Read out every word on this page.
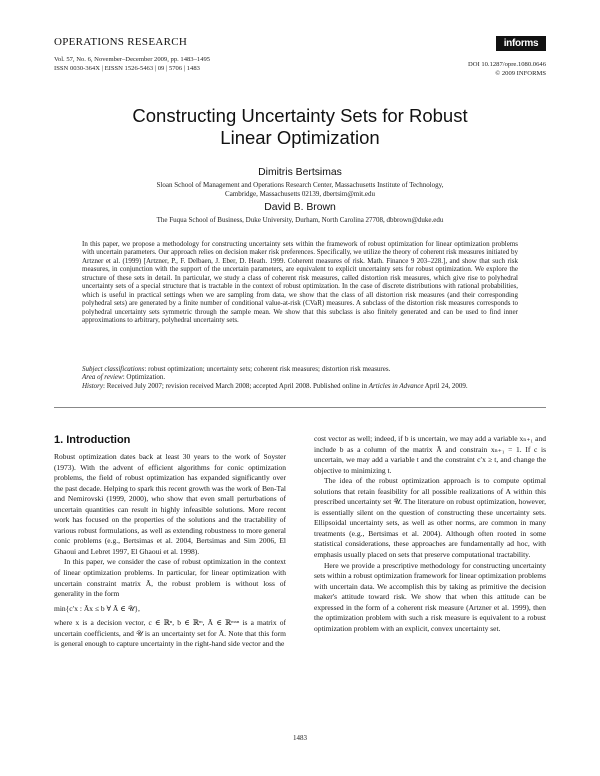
OPERATIONS RESEARCH
Vol. 57, No. 6, November–December 2009, pp. 1483–1495
ISSN 0030-364X | EISSN 1526-5463 | 09 | 5706 | 1483
informs
DOI 10.1287/opre.1080.0646
© 2009 INFORMS
Constructing Uncertainty Sets for Robust
Linear Optimization
Dimitris Bertsimas
Sloan School of Management and Operations Research Center, Massachusetts Institute of Technology,
Cambridge, Massachusetts 02139, dbertsim@mit.edu
David B. Brown
The Fuqua School of Business, Duke University, Durham, North Carolina 27708, dbbrown@duke.edu

In this paper, we propose a methodology for constructing uncertainty sets within the framework of robust optimization for linear optimization problems with uncertain parameters. Our approach relies on decision maker risk preferences. Specifically, we utilize the theory of coherent risk measures initiated by Artzner et al. (1999) [Artzner, P., F. Delbaen, J. Eber, D. Heath. 1999. Coherent measures of risk. Math. Finance 9 203–228.], and show that such risk measures, in conjunction with the support of the uncertain parameters, are equivalent to explicit uncertainty sets for robust optimization. We explore the structure of these sets in detail. In particular, we study a class of coherent risk measures, called distortion risk measures, which give rise to polyhedral uncertainty sets of a special structure that is tractable in the context of robust optimization. In the case of discrete distributions with rational probabilities, which is useful in practical settings when we are sampling from data, we show that the class of all distortion risk measures (and their corresponding polyhedral sets) are generated by a finite number of conditional value-at-risk (CVaR) measures. A subclass of the distortion risk measures corresponds to polyhedral uncertainty sets symmetric through the sample mean. We show that this subclass is also finitely generated and can be used to find inner approximations to arbitrary, polyhedral uncertainty sets.

Subject classifications: robust optimization; uncertainty sets; coherent risk measures; distortion risk measures.
Area of review: Optimization.
History: Received July 2007; revision received March 2008; accepted April 2008. Published online in Articles in Advance April 24, 2009.
1. Introduction

Robust optimization dates back at least 30 years to the work of Soyster (1973). With the advent of efficient algorithms for conic optimization problems, the field of robust optimization has expanded significantly over the past decade. Helping to spark this recent growth was the work of Ben-Tal and Nemirovski (1999, 2000), who show that even small perturbations of uncertain quantities can result in highly infeasible solutions. More recent work has focused on the properties of the solutions and the tractability of various robust formulations, as well as extending robustness to more general conic problems (e.g., Bertsimas et al. 2004, Bertsimas and Sim 2006, El Ghaoui and Lebret 1997, El Ghaoui et al. 1998).

In this paper, we consider the case of robust optimization in the context of linear optimization problems. In particular, for linear optimization with uncertain constraint matrix Ã, the robust problem is without loss of generality in the form

min{c′x : Ãx ≤ b ∀ Ã ∈ 𝒰},

where x is a decision vector, c ∈ ℝⁿ, b ∈ ℝᵐ, Ã ∈ ℝᵐˣⁿ is a matrix of uncertain coefficients, and 𝒰 is an uncertainty set for Ã. Note that this form is general enough to capture uncertainty in the right-hand side vector and the

cost vector as well; indeed, if b is uncertain, we may add a variable xₙ₊₁ and include b as a column of the matrix Ã and constrain xₙ₊₁ = 1. If c is uncertain, we may add a variable t and the constraint c′x ≥ t, and change the objective to minimizing t.

The idea of the robust optimization approach is to compute optimal solutions that retain feasibility for all possible realizations of A within this prescribed uncertainty set 𝒰. The literature on robust optimization, however, is essentially silent on the question of constructing these uncertainty sets. Ellipsoidal uncertainty sets, as well as other norms, are common in many treatments (e.g., Bertsimas et al. 2004). Although often rooted in some statistical considerations, these approaches are fundamentally ad hoc, with emphasis usually placed on sets that preserve computational tractability.

Here we provide a prescriptive methodology for constructing uncertainty sets within a robust optimization framework for linear optimization problems with uncertain data. We accomplish this by taking as primitive the decision maker's attitude toward risk. We show that when this attitude can be expressed in the form of a coherent risk measure (Artzner et al. 1999), then the optimization problem with such a risk measure is equivalent to a robust optimization problem with an explicit, convex uncertainty set.

1483
